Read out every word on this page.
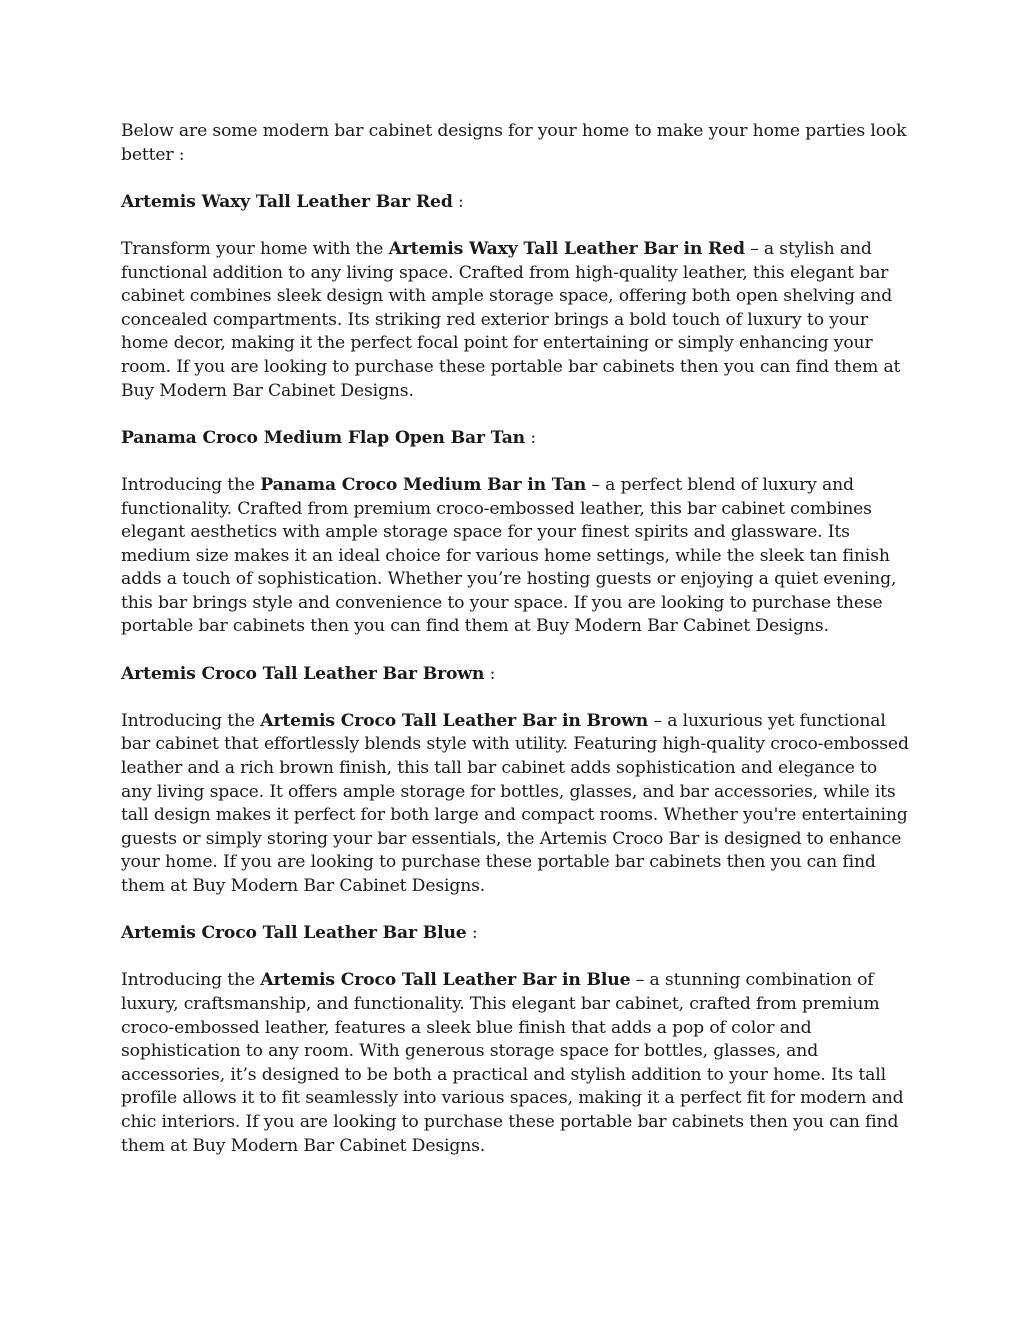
Below are some modern bar cabinet designs for your home to make your home parties look better :

Artemis Waxy Tall Leather Bar Red :

Transform your home with the Artemis Waxy Tall Leather Bar in Red – a stylish and functional addition to any living space. Crafted from high-quality leather, this elegant bar cabinet combines sleek design with ample storage space, offering both open shelving and concealed compartments. Its striking red exterior brings a bold touch of luxury to your home decor, making it the perfect focal point for entertaining or simply enhancing your room. If you are looking to purchase these portable bar cabinets then you can find them at Buy Modern Bar Cabinet Designs.

Panama Croco Medium Flap Open Bar Tan :

Introducing the Panama Croco Medium Bar in Tan – a perfect blend of luxury and functionality. Crafted from premium croco-embossed leather, this bar cabinet combines elegant aesthetics with ample storage space for your finest spirits and glassware. Its medium size makes it an ideal choice for various home settings, while the sleek tan finish adds a touch of sophistication. Whether you’re hosting guests or enjoying a quiet evening, this bar brings style and convenience to your space. If you are looking to purchase these portable bar cabinets then you can find them at Buy Modern Bar Cabinet Designs.

Artemis Croco Tall Leather Bar Brown :

Introducing the Artemis Croco Tall Leather Bar in Brown – a luxurious yet functional bar cabinet that effortlessly blends style with utility. Featuring high-quality croco-embossed leather and a rich brown finish, this tall bar cabinet adds sophistication and elegance to any living space. It offers ample storage for bottles, glasses, and bar accessories, while its tall design makes it perfect for both large and compact rooms. Whether you're entertaining guests or simply storing your bar essentials, the Artemis Croco Bar is designed to enhance your home. If you are looking to purchase these portable bar cabinets then you can find them at Buy Modern Bar Cabinet Designs.

Artemis Croco Tall Leather Bar Blue :

Introducing the Artemis Croco Tall Leather Bar in Blue – a stunning combination of luxury, craftsmanship, and functionality. This elegant bar cabinet, crafted from premium croco-embossed leather, features a sleek blue finish that adds a pop of color and sophistication to any room. With generous storage space for bottles, glasses, and accessories, it’s designed to be both a practical and stylish addition to your home. Its tall profile allows it to fit seamlessly into various spaces, making it a perfect fit for modern and chic interiors. If you are looking to purchase these portable bar cabinets then you can find them at Buy Modern Bar Cabinet Designs.
